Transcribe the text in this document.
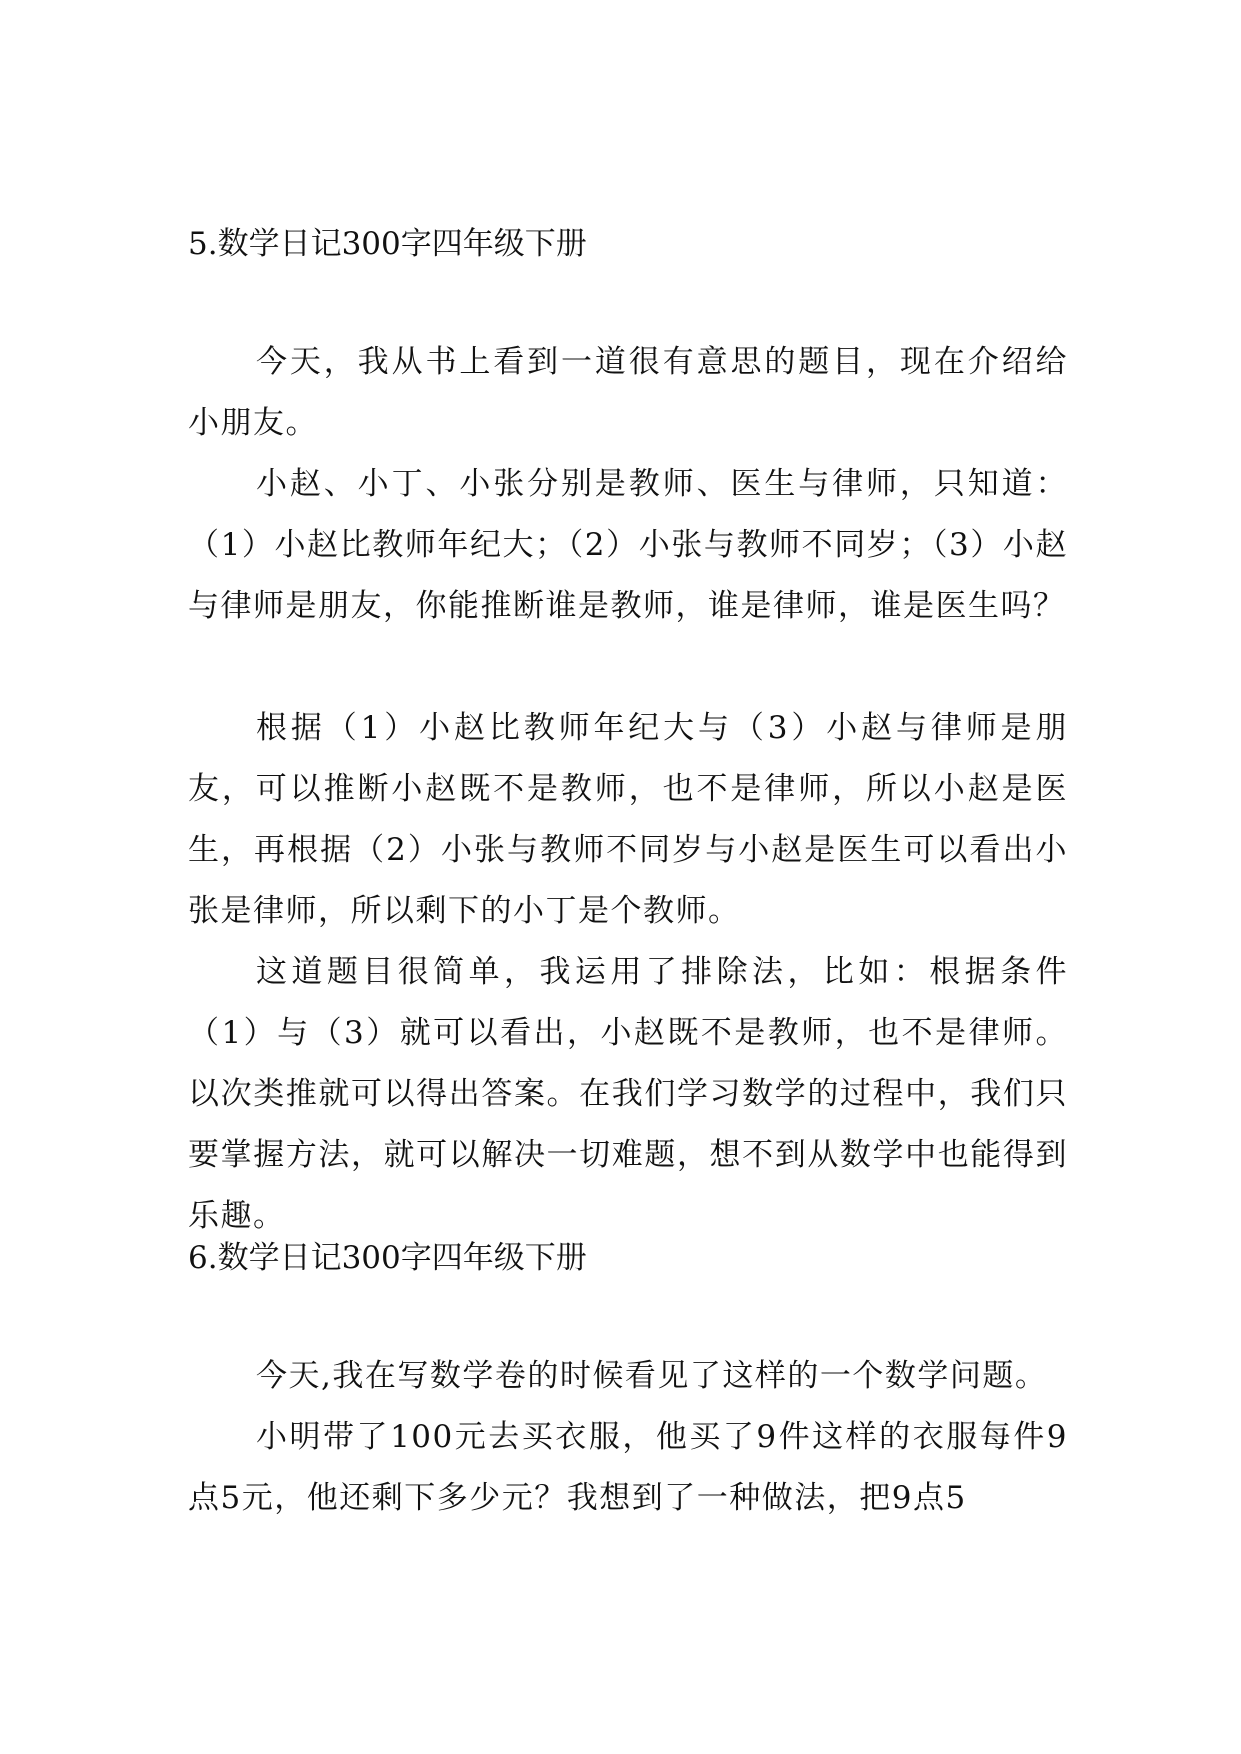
5.数学日记300字四年级下册

今天，我从书上看到一道很有意思的题目，现在介绍给小朋友。

小赵、小丁、小张分别是教师、医生与律师，只知道：（1）小赵比教师年纪大；（2）小张与教师不同岁；（3）小赵与律师是朋友，你能推断谁是教师，谁是律师，谁是医生吗？

根据（1）小赵比教师年纪大与（3）小赵与律师是朋友，可以推断小赵既不是教师，也不是律师，所以小赵是医生，再根据（2）小张与教师不同岁与小赵是医生可以看出小张是律师，所以剩下的小丁是个教师。

这道题目很简单，我运用了排除法，比如：根据条件（1）与（3）就可以看出，小赵既不是教师，也不是律师。以次类推就可以得出答案。在我们学习数学的过程中，我们只要掌握方法，就可以解决一切难题，想不到从数学中也能得到乐趣。

6.数学日记300字四年级下册

今天,我在写数学卷的时候看见了这样的一个数学问题。

小明带了100元去买衣服，他买了9件这样的衣服每件9点5元，他还剩下多少元？我想到了一种做法，把9点5
